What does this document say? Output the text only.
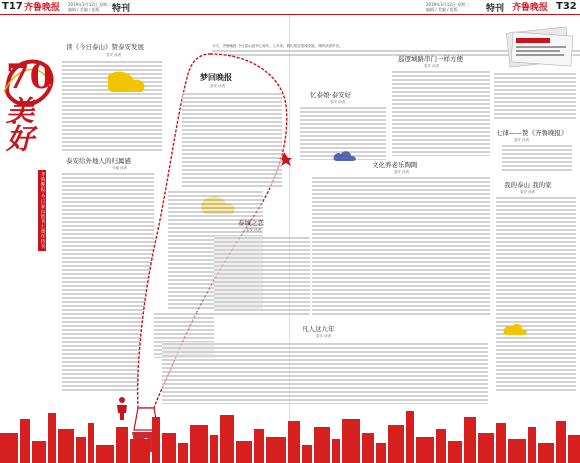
T17 齐鲁晚报 2019年3月12日 星期二
编辑 / 美编 / 组版 特刊	2019年3月12日 星期二
编辑 / 美编 / 组版	特刊 齐鲁晚报 T32
70
美好
齐鲁晚报·今日泰山创刊七周年特刊
读《今日泰山》赞泰安发展
泰安 读者
泰安给外地人的归属感
外地 读者

今天，齐鲁晚报·今日泰山创刊七周年。七年来，我们见证泰城发展，倾听读者声音。

梦回晚报
泰安 读者
忆泰娘·泰安好
泰安 读者
泰城之恋
泰安 读者
巡逻城路串门一样方便
泰安 读者
文化养老乐陶陶
泰安 读者
凡人这九年
泰安 读者
七律——赞《齐鲁晚报》
泰安 读者
我的泰山 我的家
泰安 读者
